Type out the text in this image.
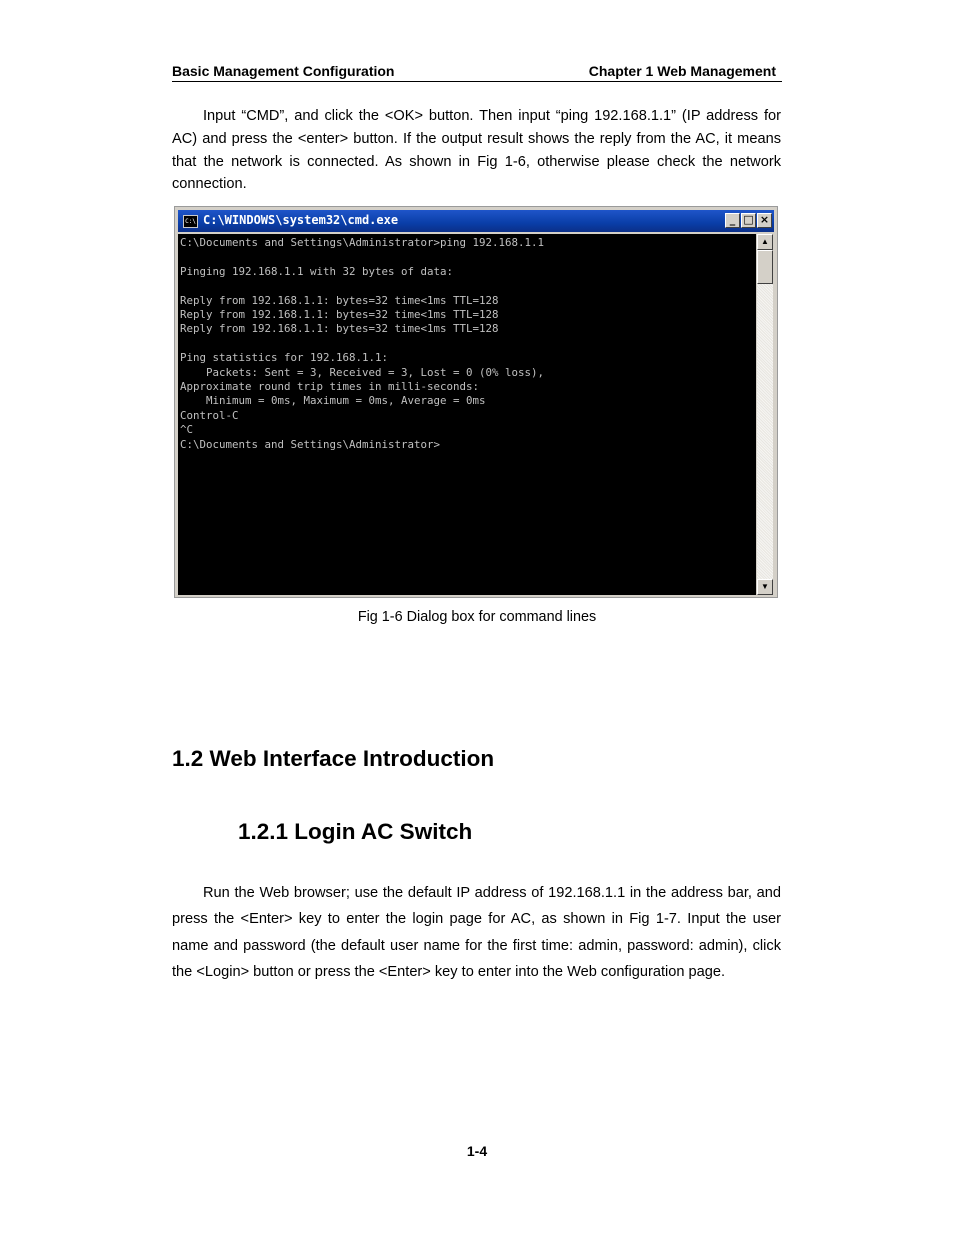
Basic Management Configuration	Chapter 1 Web Management

Input “CMD”, and click the <OK> button. Then input “ping 192.168.1.1” (IP address for AC) and press the <enter> button. If the output result shows the reply from the AC, it means that the network is connected. As shown in Fig 1-6, otherwise please check the network connection.

C:\ C:\WINDOWS\system32\cmd.exe	_ □ ×
C:\Documents and Settings\Administrator>ping 192.168.1.1

Pinging 192.168.1.1 with 32 bytes of data:

Reply from 192.168.1.1: bytes=32 time<1ms TTL=128
Reply from 192.168.1.1: bytes=32 time<1ms TTL=128
Reply from 192.168.1.1: bytes=32 time<1ms TTL=128

Ping statistics for 192.168.1.1:
Packets: Sent = 3, Received = 3, Lost = 0 (0% loss),
Approximate round trip times in milli-seconds:
Minimum = 0ms, Maximum = 0ms, Average = 0ms
Control-C
^C
C:\Documents and Settings\Administrator>
▲
▼
Fig 1-6 Dialog box for command lines
1.2 Web Interface Introduction
1.2.1 Login AC Switch

Run the Web browser; use the default IP address of 192.168.1.1 in the address bar, and press the <Enter> key to enter the login page for AC, as shown in Fig 1-7. Input the user name and password (the default user name for the first time: admin, password: admin), click the <Login> button or press the <Enter> key to enter into the Web configuration page.

1-4
